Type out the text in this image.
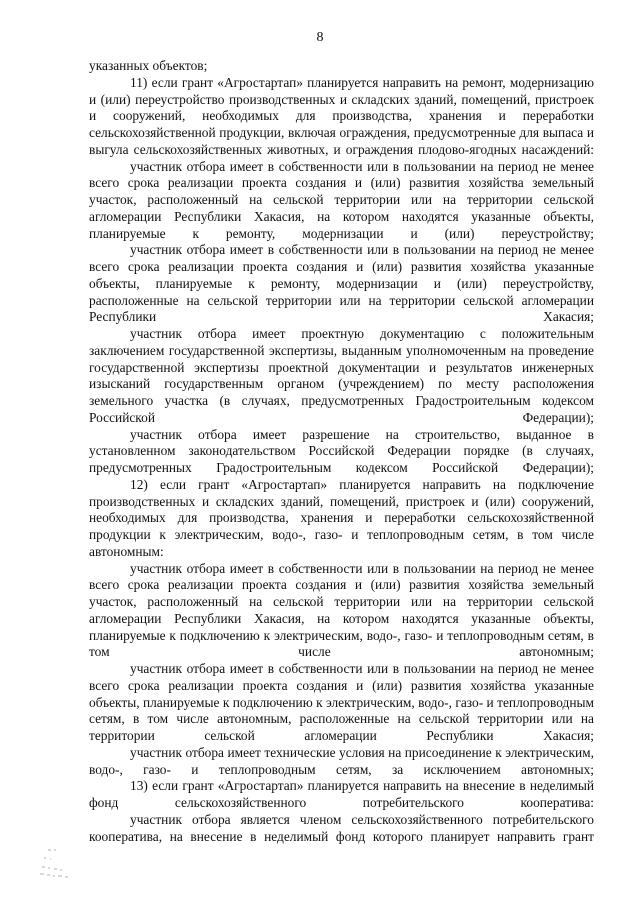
8

указанных объектов;

11) если грант «Агростартап» планируется направить на ремонт, модернизацию и (или) переустройство производственных и складских зданий, помещений, пристроек и сооружений, необходимых для производства, хранения и переработки сельскохозяйственной продукции, включая ограждения, предусмотренные для выпаса и выгула сельскохозяйственных животных, и ограждения плодово-ягодных насаждений:

участник отбора имеет в собственности или в пользовании на период не менее всего срока реализации проекта создания и (или) развития хозяйства земельный участок, расположенный на сельской территории или на территории сельской агломерации Республики Хакасия, на котором находятся указанные объекты, планируемые к ремонту, модернизации и (или) переустройству;

участник отбора имеет в собственности или в пользовании на период не менее всего срока реализации проекта создания и (или) развития хозяйства указанные объекты, планируемые к ремонту, модернизации и (или) переустройству, расположенные на сельской территории или на территории сельской агломерации Республики Хакасия;

участник отбора имеет проектную документацию с положительным заключением государственной экспертизы, выданным уполномоченным на проведение государственной экспертизы проектной документации и результатов инженерных изысканий государственным органом (учреждением) по месту расположения земельного участка (в случаях, предусмотренных Градостроительным кодексом Российской Федерации);

участник отбора имеет разрешение на строительство, выданное в установленном законодательством Российской Федерации порядке (в случаях, предусмотренных Градостроительным кодексом Российской Федерации);

12) если грант «Агростартап» планируется направить на подключение производственных и складских зданий, помещений, пристроек и (или) сооружений, необходимых для производства, хранения и переработки сельскохозяйственной продукции к электрическим, водо-, газо- и теплопроводным сетям, в том числе автономным:

участник отбора имеет в собственности или в пользовании на период не менее всего срока реализации проекта создания и (или) развития хозяйства земельный участок, расположенный на сельской территории или на территории сельской агломерации Республики Хакасия, на котором находятся указанные объекты, планируемые к подключению к электрическим, водо-, газо- и теплопроводным сетям, в том числе автономным;

участник отбора имеет в собственности или в пользовании на период не менее всего срока реализации проекта создания и (или) развития хозяйства указанные объекты, планируемые к подключению к электрическим, водо-, газо- и теплопроводным сетям, в том числе автономным, расположенные на сельской территории или на территории сельской агломерации Республики Хакасия;

участник отбора имеет технические условия на присоединение к электрическим, водо-, газо- и теплопроводным сетям, за исключением автономных;

13) если грант «Агростартап» планируется направить на внесение в неделимый фонд сельскохозяйственного потребительского кооператива:

участник отбора является членом сельскохозяйственного потребительского кооператива, на внесение в неделимый фонд которого планирует направить грант
